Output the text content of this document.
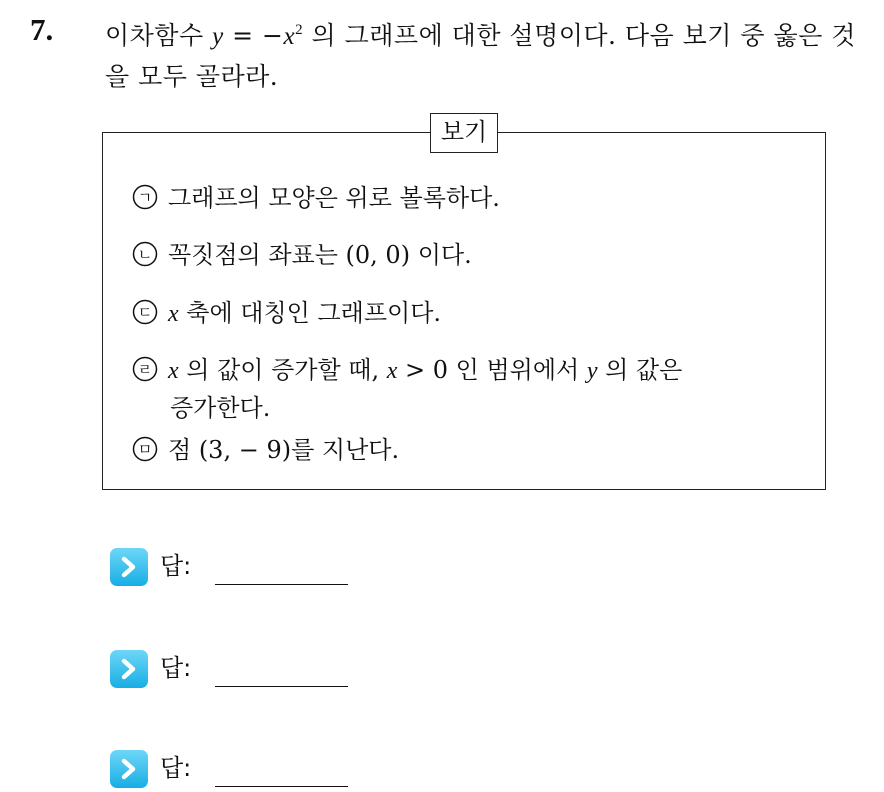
7. 이차함수 $y = -x^2$ 의 그래프에 대한 설명이다. 다음 보기 중 옳은 것을 모두 골라라.

보기
ㄱ 그래프의 모양은 위로 볼록하다.
ㄴ 꼭짓점의 좌표는 (0, 0) 이다.
ㄷ x 축에 대칭인 그래프이다.
ㄹ x 의 값이 증가할 때, x > 0 인 범위에서 y 의 값은
증가한다.
ㅁ 점 (3, − 9)를 지난다.
답:
답:
답:
